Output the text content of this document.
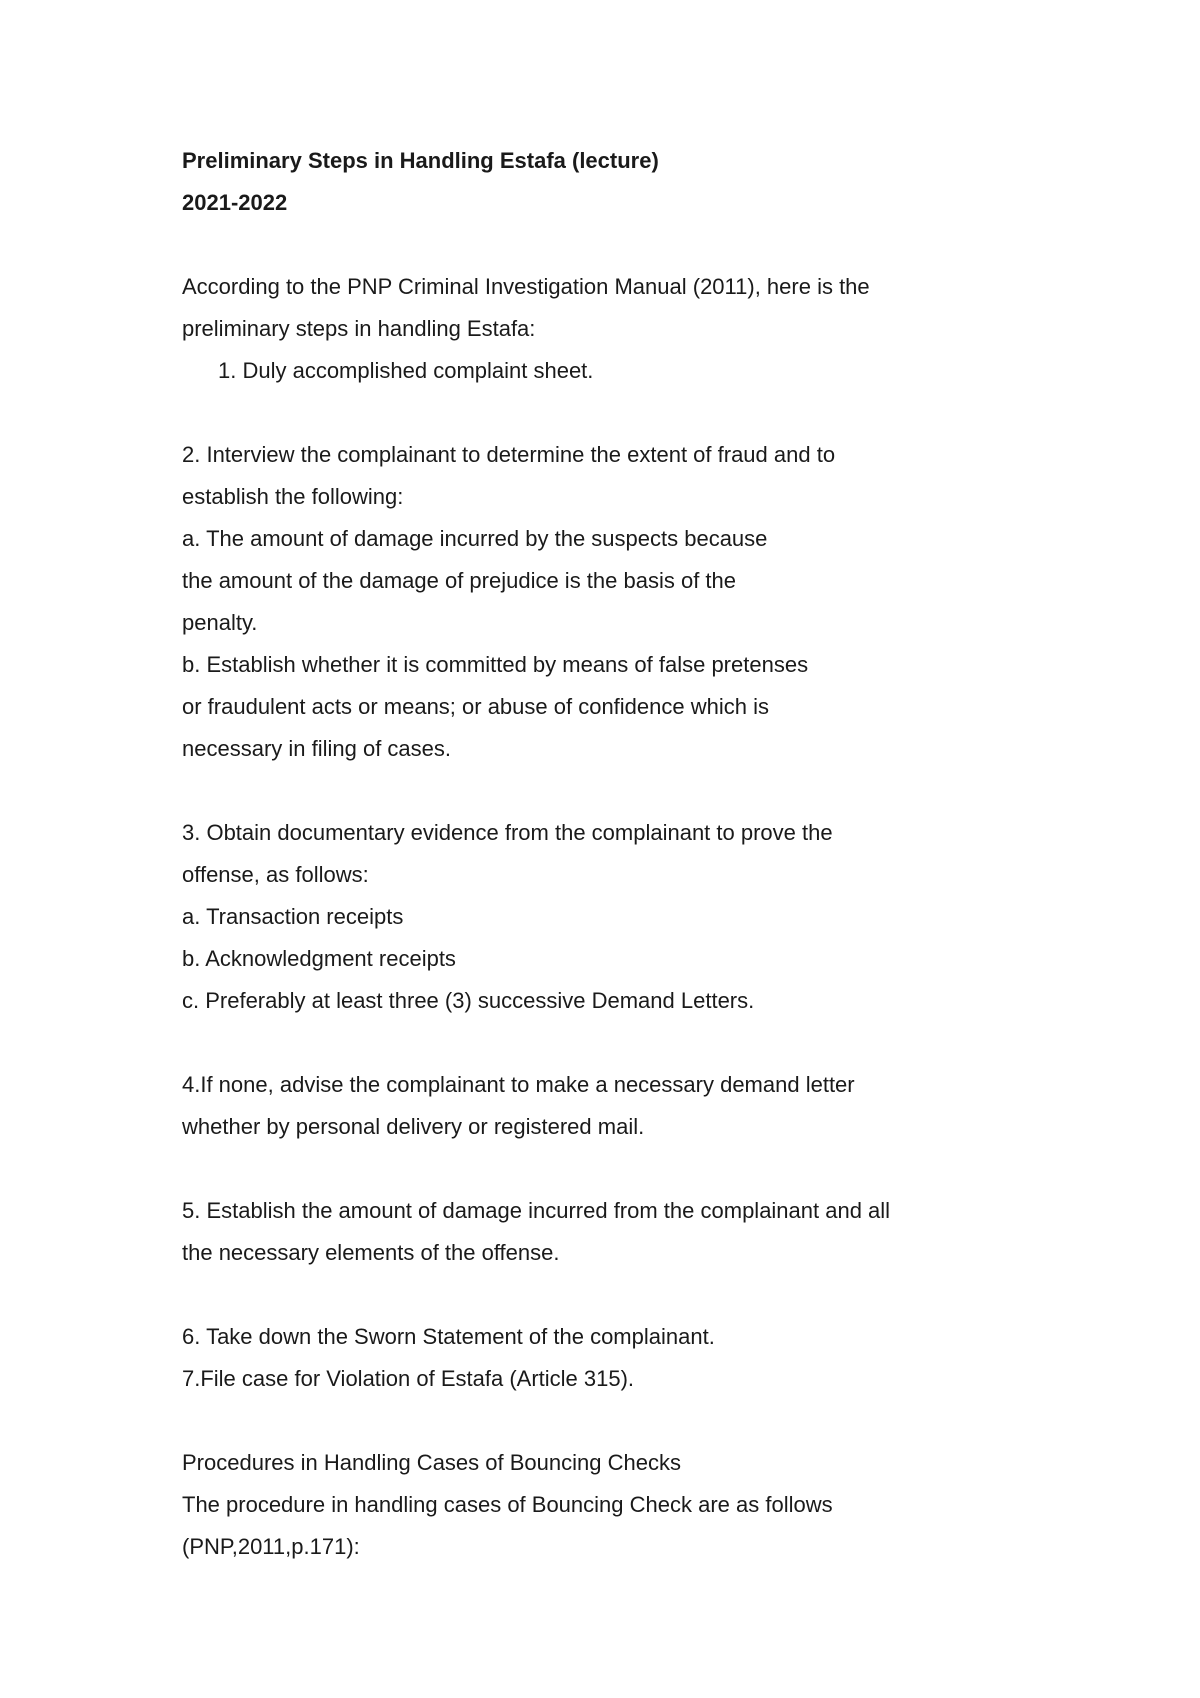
Preliminary Steps in Handling Estafa (lecture)
2021-2022
According to the PNP Criminal Investigation Manual (2011), here is the
preliminary steps in handling Estafa:
1. Duly accomplished complaint sheet.
2. Interview the complainant to determine the extent of fraud and to
establish the following:
a. The amount of damage incurred by the suspects because
the amount of the damage of prejudice is the basis of the
penalty.
b. Establish whether it is committed by means of false pretenses
or fraudulent acts or means; or abuse of confidence which is
necessary in filing of cases.
3. Obtain documentary evidence from the complainant to prove the
offense, as follows:
a. Transaction receipts
b. Acknowledgment receipts
c. Preferably at least three (3) successive Demand Letters.
4.If none, advise the complainant to make a necessary demand letter
whether by personal delivery or registered mail.
5. Establish the amount of damage incurred from the complainant and all
the necessary elements of the offense.
6. Take down the Sworn Statement of the complainant.
7.File case for Violation of Estafa (Article 315).
Procedures in Handling Cases of Bouncing Checks
The procedure in handling cases of Bouncing Check are as follows
(PNP,2011,p.171):
